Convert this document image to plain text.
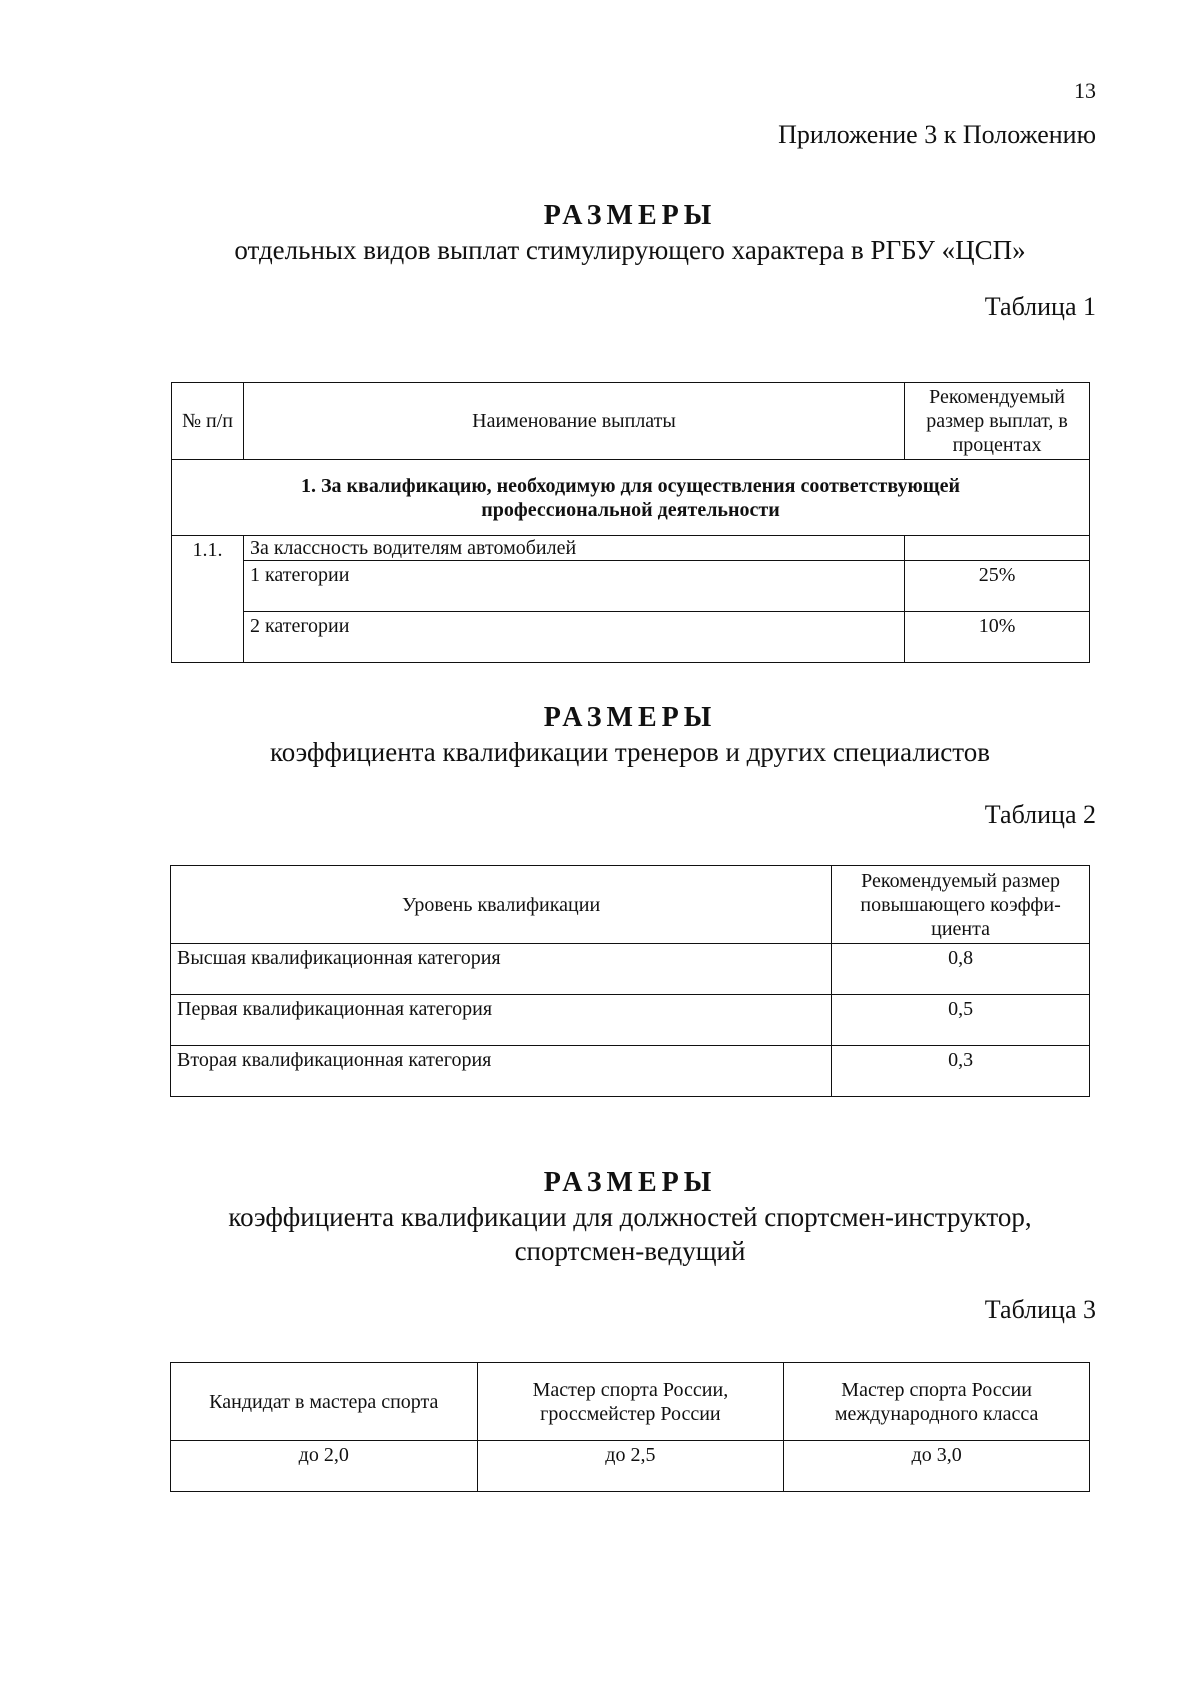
13
Приложение 3 к Положению
РАЗМЕРЫ
отдельных видов выплат стимулирующего характера в РГБУ «ЦСП»
Таблица 1
№ п/п	Наименование выплаты	Рекомендуемый размер выплат, в процентах
1. За квалификацию, необходимую для осуществления соответствующей профессиональной деятельности		
1.1.	За классность водителям автомобилей	
	1 категории	25%
	2 категории	10%
РАЗМЕРЫ
коэффициента квалификации тренеров и других специалистов
Таблица 2
Уровень квалификации	Рекомендуемый размер повышающего коэффи- циента
Высшая квалификационная категория	0,8
Первая квалификационная категория	0,5
Вторая квалификационная категория	0,3
РАЗМЕРЫ
коэффициента квалификации для должностей спортсмен-инструктор,
спортсмен-ведущий
Таблица 3
Кандидат в мастера спорта	Мастер спорта России, гроссмейстер России	Мастер спорта России международного класса
до 2,0	до 2,5	до 3,0
